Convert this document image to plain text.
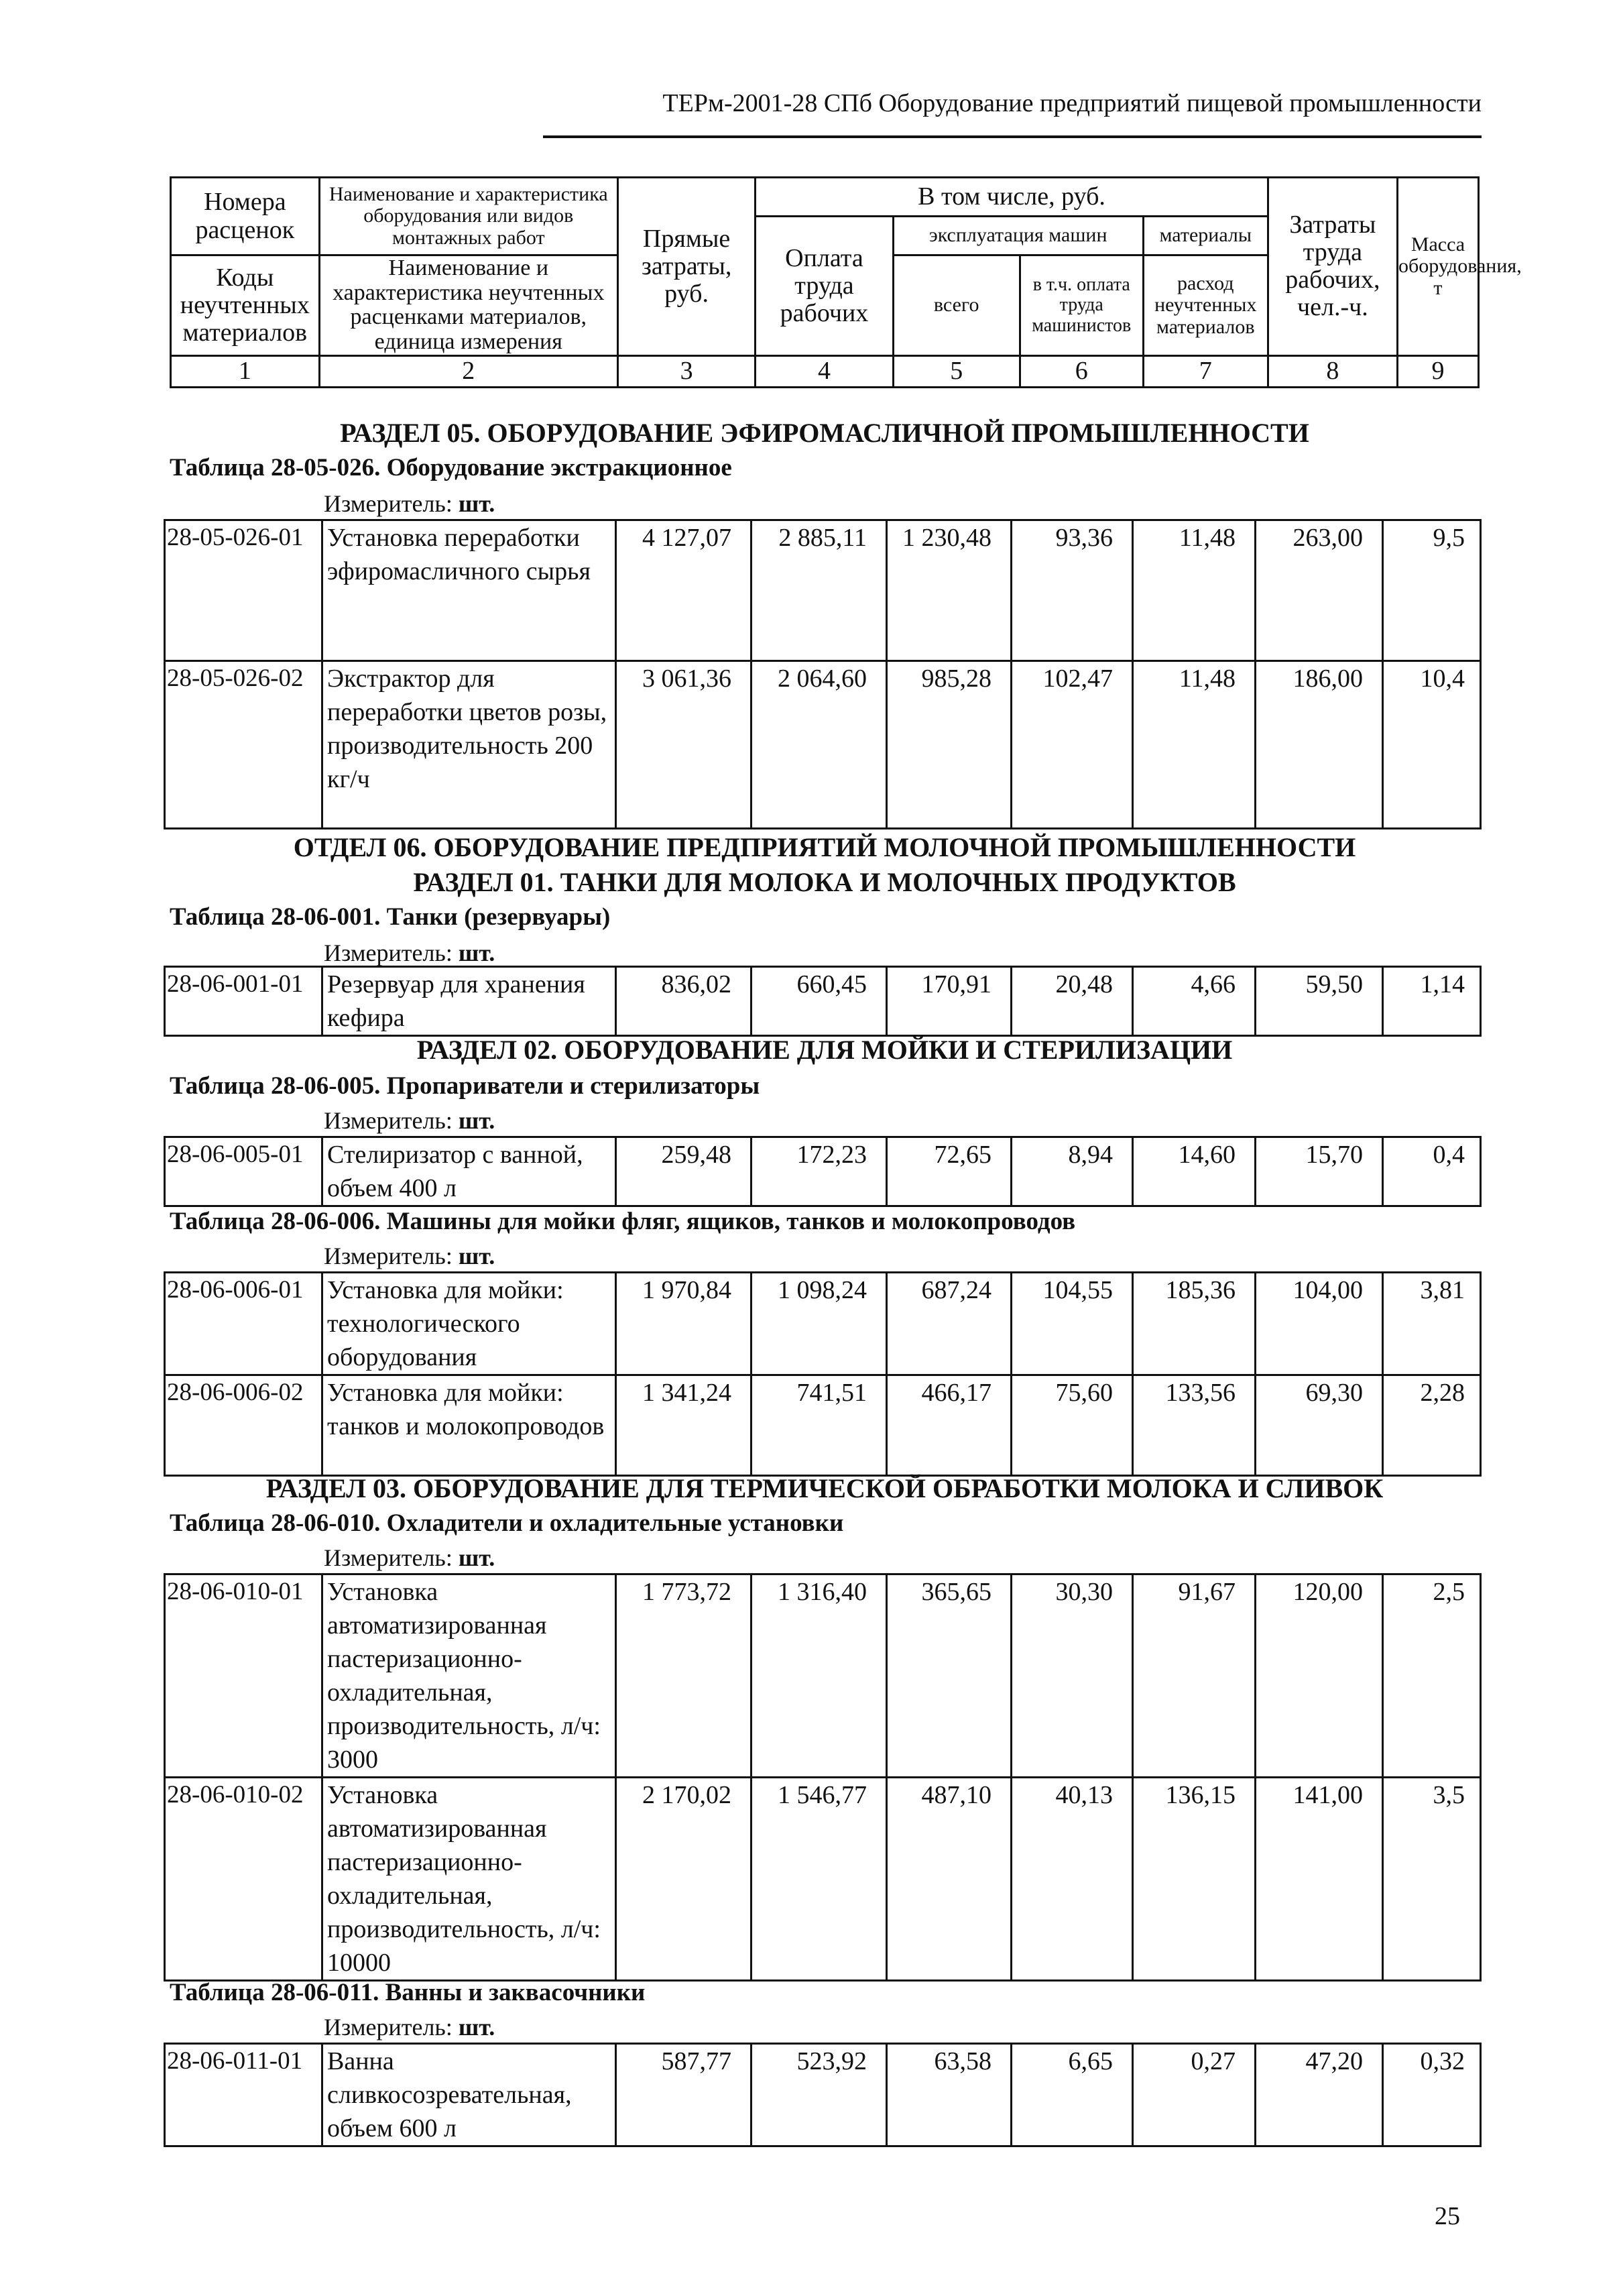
ТЕРм-2001-28 СПб Оборудование предприятий пищевой промышленности
Номера расценок	Наименование и характеристика оборудования или видов монтажных работ	Прямые затраты, руб.	В том числе, руб.				Затраты труда рабочих, чел.-ч.	Масса оборудования, т
			Оплата труда рабочих	эксплуатация машин		материалы		
Коды неучтенных материалов	Наименование и характеристика неучтенных расценками материалов, единица измерения			всего	в т.ч. оплата труда машинистов	расход неучтенных материалов		

1	2	3	4	5	6	7	8	9
РАЗДЕЛ 05. ОБОРУДОВАНИЕ ЭФИРОМАСЛИЧНОЙ ПРОМЫШЛЕННОСТИ
Таблица 28-05-026. Оборудование экстракционное
Измеритель: шт.
28-05-026-01	Установка переработки эфиромасличного сырья	4 127,07	2 885,11	1 230,48	93,36	11,48	263,00	9,5
28-05-026-02	Экстрактор для переработки цветов розы, производительность 200 кг/ч	3 061,36	2 064,60	985,28	102,47	11,48	186,00	10,4
ОТДЕЛ 06. ОБОРУДОВАНИЕ ПРЕДПРИЯТИЙ МОЛОЧНОЙ ПРОМЫШЛЕННОСТИ
РАЗДЕЛ 01. ТАНКИ ДЛЯ МОЛОКА И МОЛОЧНЫХ ПРОДУКТОВ
Таблица 28-06-001. Танки (резервуары)
Измеритель: шт.
28-06-001-01	Резервуар для хранения кефира	836,02	660,45	170,91	20,48	4,66	59,50	1,14
РАЗДЕЛ 02. ОБОРУДОВАНИЕ ДЛЯ МОЙКИ И СТЕРИЛИЗАЦИИ
Таблица 28-06-005. Пропариватели и стерилизаторы
Измеритель: шт.
28-06-005-01	Стелиризатор с ванной, объем 400 л	259,48	172,23	72,65	8,94	14,60	15,70	0,4
Таблица 28-06-006. Машины для мойки фляг, ящиков, танков и молокопроводов
Измеритель: шт.
28-06-006-01	Установка для мойки: технологического оборудования	1 970,84	1 098,24	687,24	104,55	185,36	104,00	3,81
28-06-006-02	Установка для мойки: танков и молокопроводов	1 341,24	741,51	466,17	75,60	133,56	69,30	2,28
РАЗДЕЛ 03. ОБОРУДОВАНИЕ ДЛЯ ТЕРМИЧЕСКОЙ ОБРАБОТКИ МОЛОКА И СЛИВОК
Таблица 28-06-010. Охладители и охладительные установки
Измеритель: шт.
28-06-010-01	Установка автоматизированная пастеризационно-охладительная, производительность, л/ч: 3000	1 773,72	1 316,40	365,65	30,30	91,67	120,00	2,5
28-06-010-02	Установка автоматизированная пастеризационно-охладительная, производительность, л/ч: 10000	2 170,02	1 546,77	487,10	40,13	136,15	141,00	3,5
Таблица 28-06-011. Ванны и заквасочники
Измеритель: шт.
28-06-011-01	Ванна сливкосозревательная, объем 600 л	587,77	523,92	63,58	6,65	0,27	47,20	0,32
25
